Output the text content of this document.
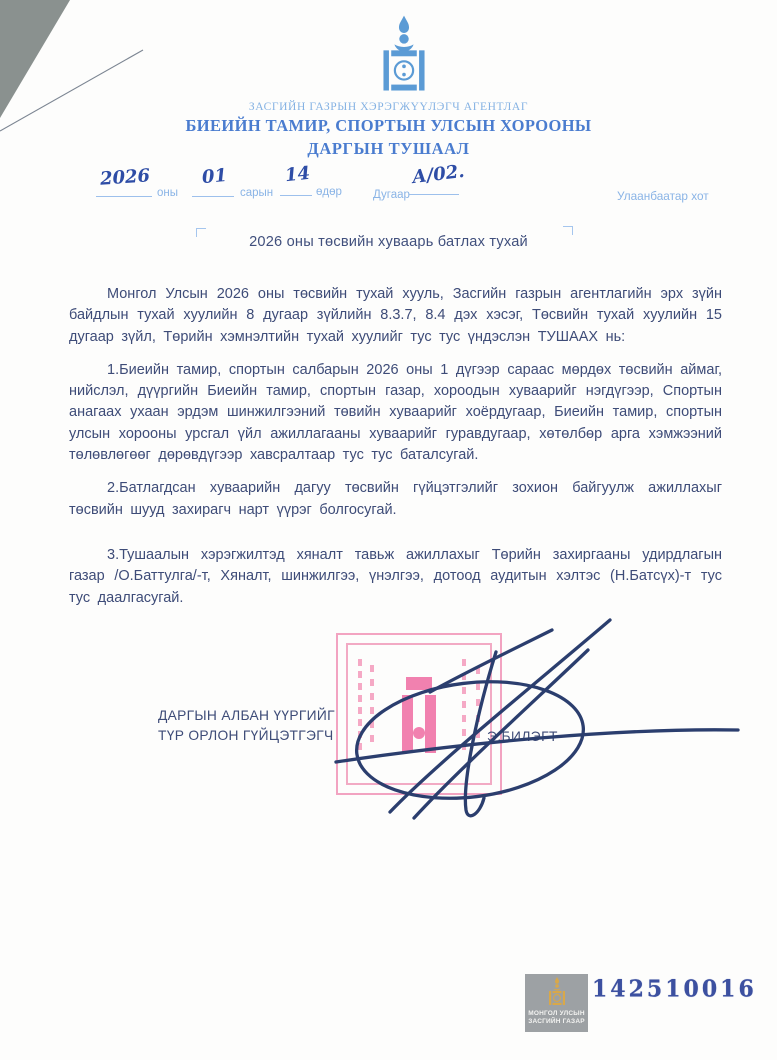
ЗАСГИЙН ГАЗРЫН ХЭРЭГЖҮҮЛЭГЧ АГЕНТЛАГ
БИЕИЙН ТАМИР, СПОРТЫН УЛСЫН ХОРООНЫ
ДАРГЫН ТУШААЛ
2026
оны
01
сарын
14
өдөр	Дугаар
А/02.
Улаанбаатар хот
2026 оны төсвийн хуваарь батлах тухай

Монгол Улсын 2026 оны төсвийн тухай хууль, Засгийн газрын агентлагийн эрх зүйн байдлын тухай хуулийн 8 дугаар зүйлийн 8.3.7, 8.4 дэх хэсэг, Төсвийн тухай хуулийн 15 дугаар зүйл, Төрийн хэмнэлтийн тухай хуулийг тус тус үндэслэн ТУШААХ нь:

1.Биеийн тамир, спортын салбарын 2026 оны 1 дүгээр сараас мөрдөх төсвийн аймаг, нийслэл, дүүргийн Биеийн тамир, спортын газар, хороодын хуваарийг нэгдүгээр, Спортын анагаах ухаан эрдэм шинжилгээний төвийн хуваарийг хоёрдугаар, Биеийн тамир, спортын улсын хорооны урсгал үйл ажиллагааны хуваарийг гуравдугаар, хөтөлбөр арга хэмжээний төлөвлөгөөг дөрөвдүгээр хавсралтаар тус тус баталсугай.

2.Батлагдсан хуваарийн дагуу төсвийн гүйцэтгэлийг зохион байгуулж ажиллахыг төсвийн шууд захирагч нарт үүрэг болгосугай.

3.Тушаалын хэрэгжилтэд хяналт тавьж ажиллахыг Төрийн захиргааны удирдлагын газар /О.Баттулга/-т, Хяналт, шинжилгээ, үнэлгээ, дотоод аудитын хэлтэс (Н.Батсүх)-т тус тус даалгасугай.

ДАРГЫН АЛБАН ҮҮРГИЙГ
ТҮР ОРЛОН ГҮЙЦЭТГЭГЧ	Э.БИЛЭГТ
МОНГОЛ УЛСЫН
ЗАСГИЙН ГАЗАР
142510016
